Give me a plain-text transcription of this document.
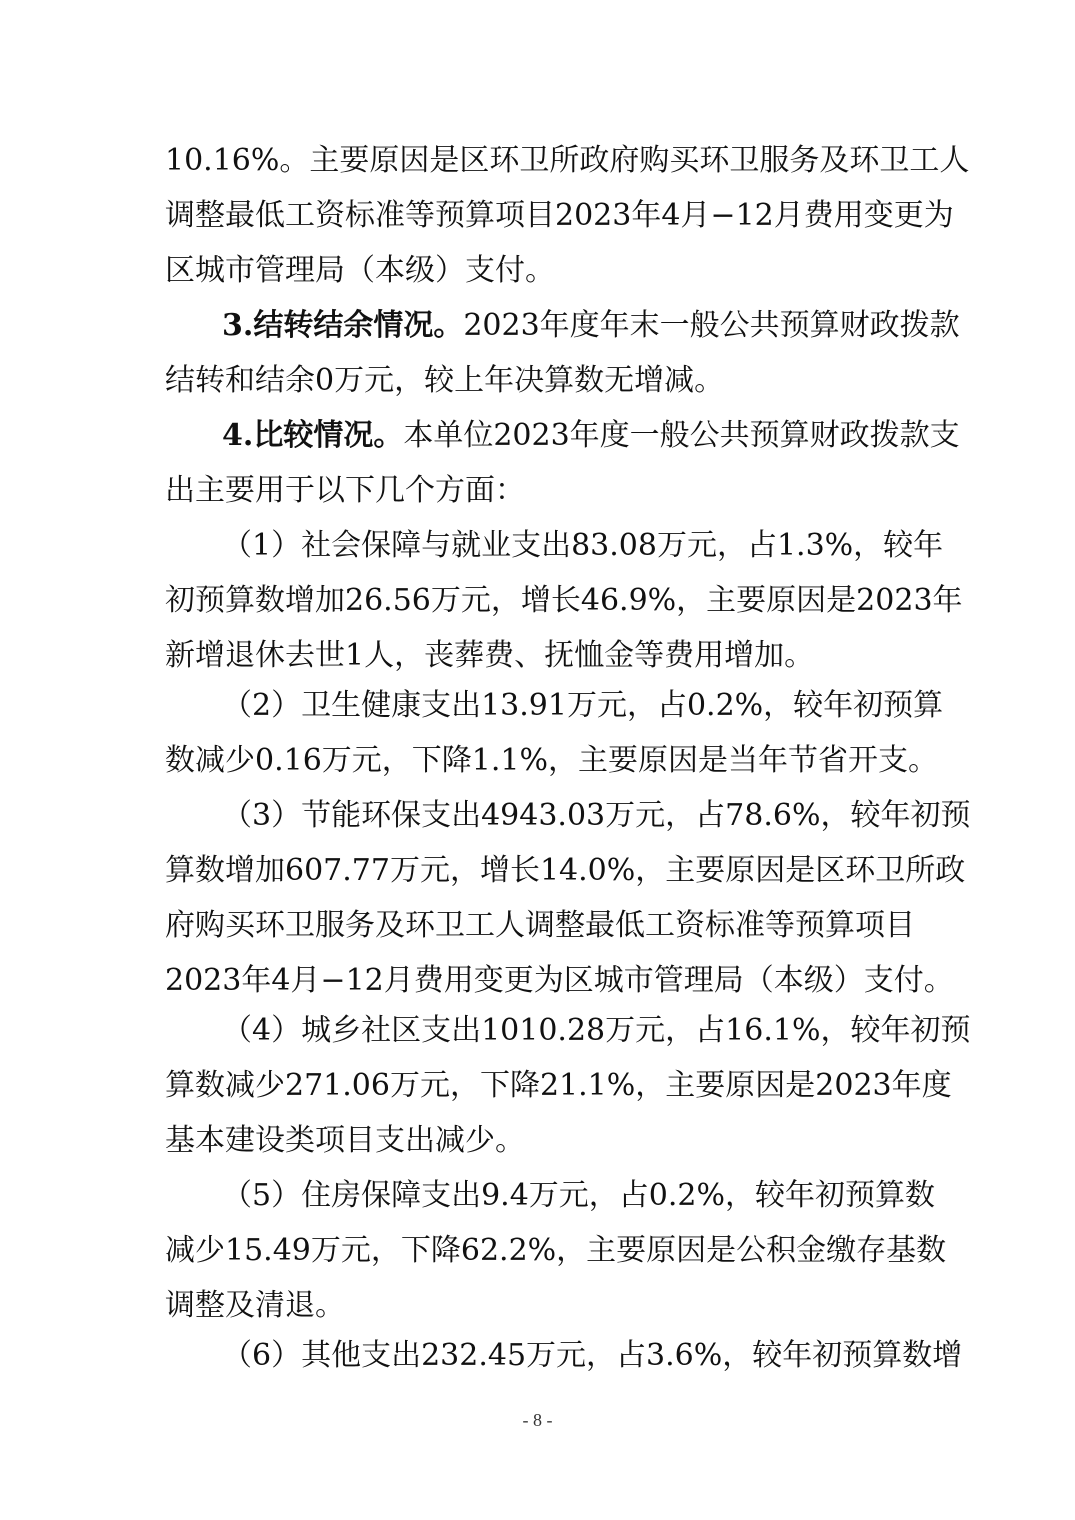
10.16%。主要原因是区环卫所政府购买环卫服务及环卫工人
调整最低工资标准等预算项目2023年4月−12月费用变更为
区城市管理局（本级）支付。
3.结转结余情况。2023年度年末一般公共预算财政拨款
结转和结余0万元，较上年决算数无增减。
4.比较情况。本单位2023年度一般公共预算财政拨款支
出主要用于以下几个方面：
（1）社会保障与就业支出83.08万元，占1.3%，较年
初预算数增加26.56万元，增长46.9%，主要原因是2023年
新增退休去世1人，丧葬费、抚恤金等费用增加。
（2）卫生健康支出13.91万元，占0.2%，较年初预算
数减少0.16万元，下降1.1%，主要原因是当年节省开支。
（3）节能环保支出4943.03万元，占78.6%，较年初预
算数增加607.77万元，增长14.0%，主要原因是区环卫所政
府购买环卫服务及环卫工人调整最低工资标准等预算项目
2023年4月−12月费用变更为区城市管理局（本级）支付。
（4）城乡社区支出1010.28万元，占16.1%，较年初预
算数减少271.06万元，下降21.1%，主要原因是2023年度
基本建设类项目支出减少。
（5）住房保障支出9.4万元，占0.2%，较年初预算数
减少15.49万元，下降62.2%，主要原因是公积金缴存基数
调整及清退。
（6）其他支出232.45万元，占3.6%，较年初预算数增
- 8 -
